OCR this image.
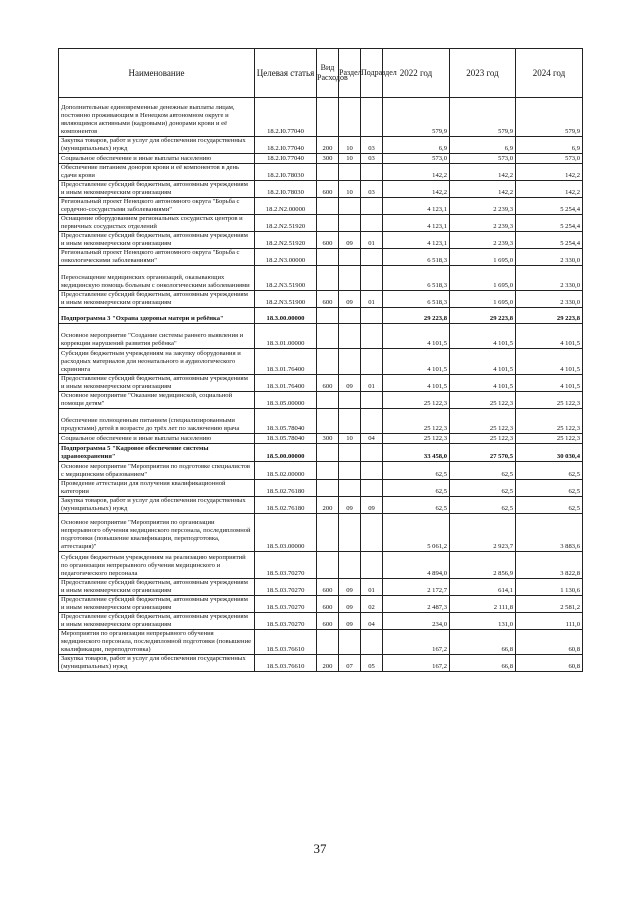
Наименование	Целевая статья	Вид Расходов	Раздел	Подраздел	2022 год	2023 год	2024 год
Дополнительные единовременные денежные выплаты лицам, постоянно проживающим в Ненецком автономном округе и являющимся активными (кадровыми) донорами крови и её компонентов	18.2.I0.77040				579,9	579,9	579,9
Закупка товаров, работ и услуг для обеспечения государственных (муниципальных) нужд	18.2.I0.77040	200	10	03	6,9	6,9	6,9
Социальное обеспечение и иные выплаты населению	18.2.I0.77040	300	10	03	573,0	573,0	573,0
Обеспечение питанием доноров крови и её компонентов в день сдачи крови	18.2.I0.78030				142,2	142,2	142,2
Предоставление субсидий бюджетным, автономным учреждениям и иным некоммерческим организациям	18.2.I0.78030	600	10	03	142,2	142,2	142,2
Региональный проект Ненецкого автономного округа "Борьба с сердечно-сосудистыми заболеваниями"	18.2.N2.00000				4 123,1	2 239,3	5 254,4
Оснащение оборудованием региональных сосудистых центров и первичных сосудистых отделений	18.2.N2.51920				4 123,1	2 239,3	5 254,4
Предоставление субсидий бюджетным, автономным учреждениям и иным некоммерческим организациям	18.2.N2.51920	600	09	01	4 123,1	2 239,3	5 254,4
Региональный проект Ненецкого автономного округа "Борьба с онкологическими заболеваниями"	18.2.N3.00000				6 518,3	1 695,0	2 330,0
Переоснащение медицинских организаций, оказывающих медицинскую помощь больным с онкологическими заболеваниями	18.2.N3.51900				6 518,3	1 695,0	2 330,0
Предоставление субсидий бюджетным, автономным учреждениям и иным некоммерческим организациям	18.2.N3.51900	600	09	01	6 518,3	1 695,0	2 330,0
Подпрограмма 3 "Охрана здоровья матери и ребёнка"	18.3.00.00000				29 223,8	29 223,8	29 223,8
Основное мероприятие "Создание системы раннего выявления и коррекции нарушений развития ребёнка"	18.3.01.00000				4 101,5	4 101,5	4 101,5
Субсидии бюджетным учреждениям на закупку оборудования и расходных материалов для неонатального и аудиологического скрининга	18.3.01.76400				4 101,5	4 101,5	4 101,5
Предоставление субсидий бюджетным, автономным учреждениям и иным некоммерческим организациям	18.3.01.76400	600	09	01	4 101,5	4 101,5	4 101,5
Основное мероприятие "Оказание медицинской, социальной помощи детям"	18.3.05.00000				25 122,3	25 122,3	25 122,3
Обеспечение полноценным питанием (специализированными продуктами) детей в возрасте до трёх лет по заключению врача	18.3.05.78040				25 122,3	25 122,3	25 122,3
Социальное обеспечение и иные выплаты населению	18.3.05.78040	300	10	04	25 122,3	25 122,3	25 122,3
Подпрограмма 5 "Кадровое обеспечение системы здравоохранения"	18.5.00.00000				33 458,0	27 570,5	30 030,4
Основное мероприятие "Мероприятия по подготовке специалистов с медицинским образованием"	18.5.02.00000				62,5	62,5	62,5
Проведение аттестации для получения квалификационной категории	18.5.02.76180				62,5	62,5	62,5
Закупка товаров, работ и услуг для обеспечения государственных (муниципальных) нужд	18.5.02.76180	200	09	09	62,5	62,5	62,5
Основное мероприятие "Мероприятия по организации непрерывного обучения медицинского персонала, последипломной подготовки (повышение квалификации, переподготовка, аттестация)"	18.5.03.00000				5 061,2	2 923,7	3 883,6
Субсидии бюджетным учреждениям на реализацию мероприятий по организации непрерывного обучения медицинского и педагогического персонала	18.5.03.70270				4 894,0	2 856,9	3 822,8
Предоставление субсидий бюджетным, автономным учреждениям и иным некоммерческим организациям	18.5.03.70270	600	09	01	2 172,7	614,1	1 130,6
Предоставление субсидий бюджетным, автономным учреждениям и иным некоммерческим организациям	18.5.03.70270	600	09	02	2 487,3	2 111,8	2 581,2
Предоставление субсидий бюджетным, автономным учреждениям и иным некоммерческим организациям	18.5.03.70270	600	09	04	234,0	131,0	111,0
Мероприятия по организации непрерывного обучения медицинского персонала, последипломной подготовки (повышение квалификации, переподготовка)	18.5.03.76610				167,2	66,8	60,8
Закупка товаров, работ и услуг для обеспечения государственных (муниципальных) нужд	18.5.03.76610	200	07	05	167,2	66,8	60,8
37
